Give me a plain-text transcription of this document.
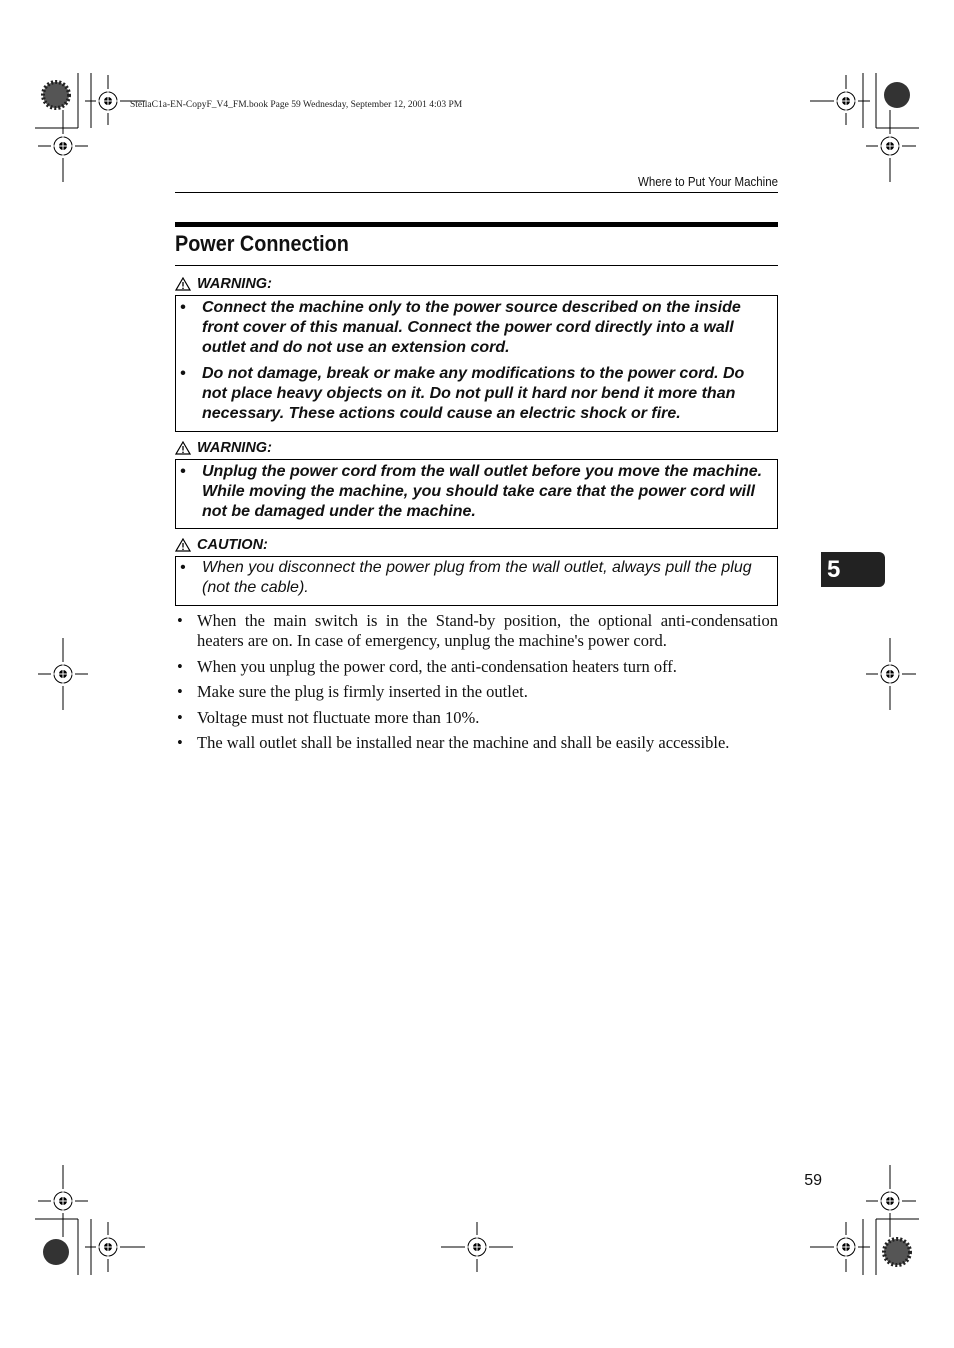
StellaC1a-EN-CopyF_V4_FM.book Page 59 Wednesday, September 12, 2001 4:03 PM
Where to Put Your Machine
Power Connection
WARNING:
• Connect the machine only to the power source described on the inside front cover of this manual. Connect the power cord directly into a wall outlet and do not use an extension cord.
• Do not damage, break or make any modifications to the power cord. Do not place heavy objects on it. Do not pull it hard nor bend it more than necessary. These actions could cause an electric shock or fire.
WARNING:
• Unplug the power cord from the wall outlet before you move the machine. While moving the machine, you should take care that the power cord will not be damaged under the machine.
CAUTION:
• When you disconnect the power plug from the wall outlet, always pull the plug (not the cable).
• When the main switch is in the Stand-by position, the optional anti-condensation heaters are on. In case of emergency, unplug the machine's power cord.
• When you unplug the power cord, the anti-condensation heaters turn off.
• Make sure the plug is firmly inserted in the outlet.
• Voltage must not fluctuate more than 10%.
• The wall outlet shall be installed near the machine and shall be easily accessible.
5
59
